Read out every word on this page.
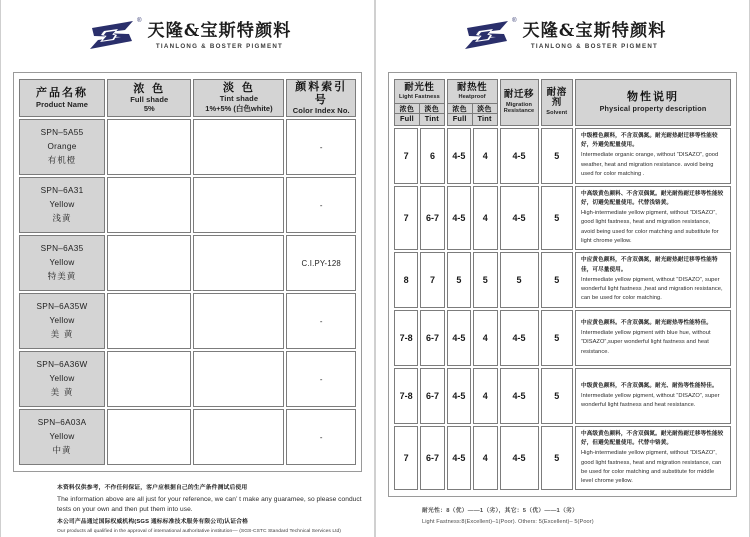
® 天隆&宝斯特颜料
TIANLONG & BOSTER PIGMENT
产品名称
Product Name

浓 色
Full shade
5%

淡 色
Tint shade
1%+5% (白色white)

颜料索引号
Color Index No.

SPN–5A55
Orange
有机橙			-

SPN–6A31
Yellow
浅黄			-

SPN–6A35
Yellow
特美黄			C.I.PY-128

SPN–6A35W
Yellow
美 黄			-

SPN–6A36W
Yellow
美 黄			-

SPN–6A03A
Yellow
中黄			-
本资料仅供参考，不作任何保证，客户应根据自己的生产条件测试后使用
The information above are all just for your reference, we can’ t make any guaramee, so please conduct tests on your own and then put them into use.
本公司产品通过国际权威机构(SGS 通标标准技术服务有限公司)认证合格
Our products all qualified in the approval of international authoritative institution–– (SGS-CSTC Standard Technical Services Ltd)
® 天隆&宝斯特颜料
TIANLONG & BOSTER PIGMENT
耐光性
Light Fastness
浓色
Full
淡色
Tint

耐热性
Heatproof
浓色
Full
淡色
Tint

耐迁移
Migration Resistance

耐溶剂
Solvent

物性说明
Physical property description

7	6	4-5	4	4-5	5	中级橙色颜料，不含双偶氮。耐光耐热耐迁移等性能较好，外避免配量使用。
Intermediate organic orange, without “DISAZO”, good weather, heat and migration resistance. avoid being used for color matching .

7	6-7	4-5	4	4-5	5	中高级黄色颜料、不含双偶氮。耐光耐热耐迁移等性能较好，切避免配量使用。代替浅铬黄。
High-intermediate yellow pigment, without “DISAZO”, good light fastness, heat and migration resistance, avoid being used for color matching and substitute for light chrome yellow.

8	7	5	5	5	5	中应黄色颜料，不含双偶氮，耐光耐热耐迁移等性能特佳，可尽量使用。
Intermediate yellow pigment, without “DISAZO”, super wonderful light fastness ,heat and migration resistance, can be used for color matching.

7-8	6-7	4-5	4	4-5	5	中应黄色颜料。不含双偶氮。耐光耐热等性能特佳。
Intermediate yellow pigment with blue hue, without “DISAZO”,super wonderful light fastness and heat resistance.

7-8	6-7	4-5	4	4-5	5	中级黄色颜料，不含双偶氮。耐光、耐热等性能特佳。
Intermediate yellow pigment, without “DISAZO”, super wonderful light fastness and heat resistance.

7	6-7	4-5	4	4-5	5	中高级黄色颜料，不含双偶氮。耐光耐热耐迁移等性能较好，但避免配量使用。代替中铬黄。
High-intermediate yellow pigment, without “DISAZO”, good light fastness, heat and migration resistance, can be used for color matching and substitute for middle level chrome yellow.
耐光性：8（优）——1（劣），其它：5（优）——1（劣）
Light Fastness:8(Excellent)–1(Poor). Others: 5(Excellent)– 5(Poor)
